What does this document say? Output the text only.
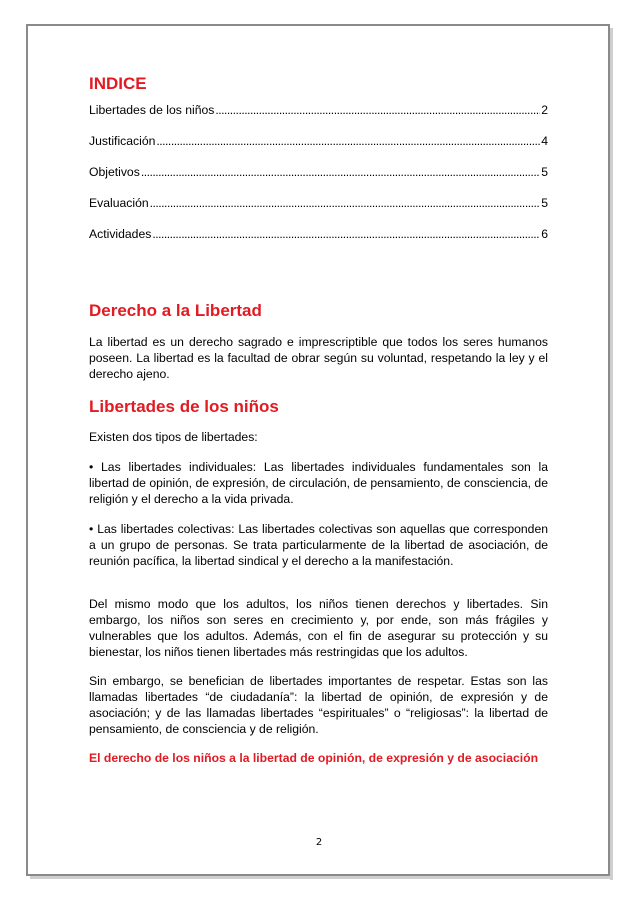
INDICE
Libertades de los niños .....	2
Justificación .....	4
Objetivos .....	5
Evaluación .....	5
Actividades .....	6
Derecho a la Libertad

La libertad es un derecho sagrado e imprescriptible que todos los seres humanos poseen. La libertad es la facultad de obrar según su voluntad, respetando la ley y el derecho ajeno.

Libertades de los niños

Existen dos tipos de libertades:

• Las libertades individuales: Las libertades individuales fundamentales son la libertad de opinión, de expresión, de circulación, de pensamiento, de consciencia, de religión y el derecho a la vida privada.

• Las libertades colectivas: Las libertades colectivas son aquellas que corresponden a un grupo de personas. Se trata particularmente de la libertad de asociación, de reunión pacífica, la libertad sindical y el derecho a la manifestación.

Del mismo modo que los adultos, los niños tienen derechos y libertades. Sin embargo, los niños son seres en crecimiento y, por ende, son más frágiles y vulnerables que los adultos. Además, con el fin de asegurar su protección y su bienestar, los niños tienen libertades más restringidas que los adultos.

Sin embargo, se benefician de libertades importantes de respetar. Estas son las llamadas libertades “de ciudadanía”: la libertad de opinión, de expresión y de asociación; y de las llamadas libertades “espirituales” o “religiosas”: la libertad de pensamiento, de consciencia y de religión.

El derecho de los niños a la libertad de opinión, de expresión y de asociación

2
